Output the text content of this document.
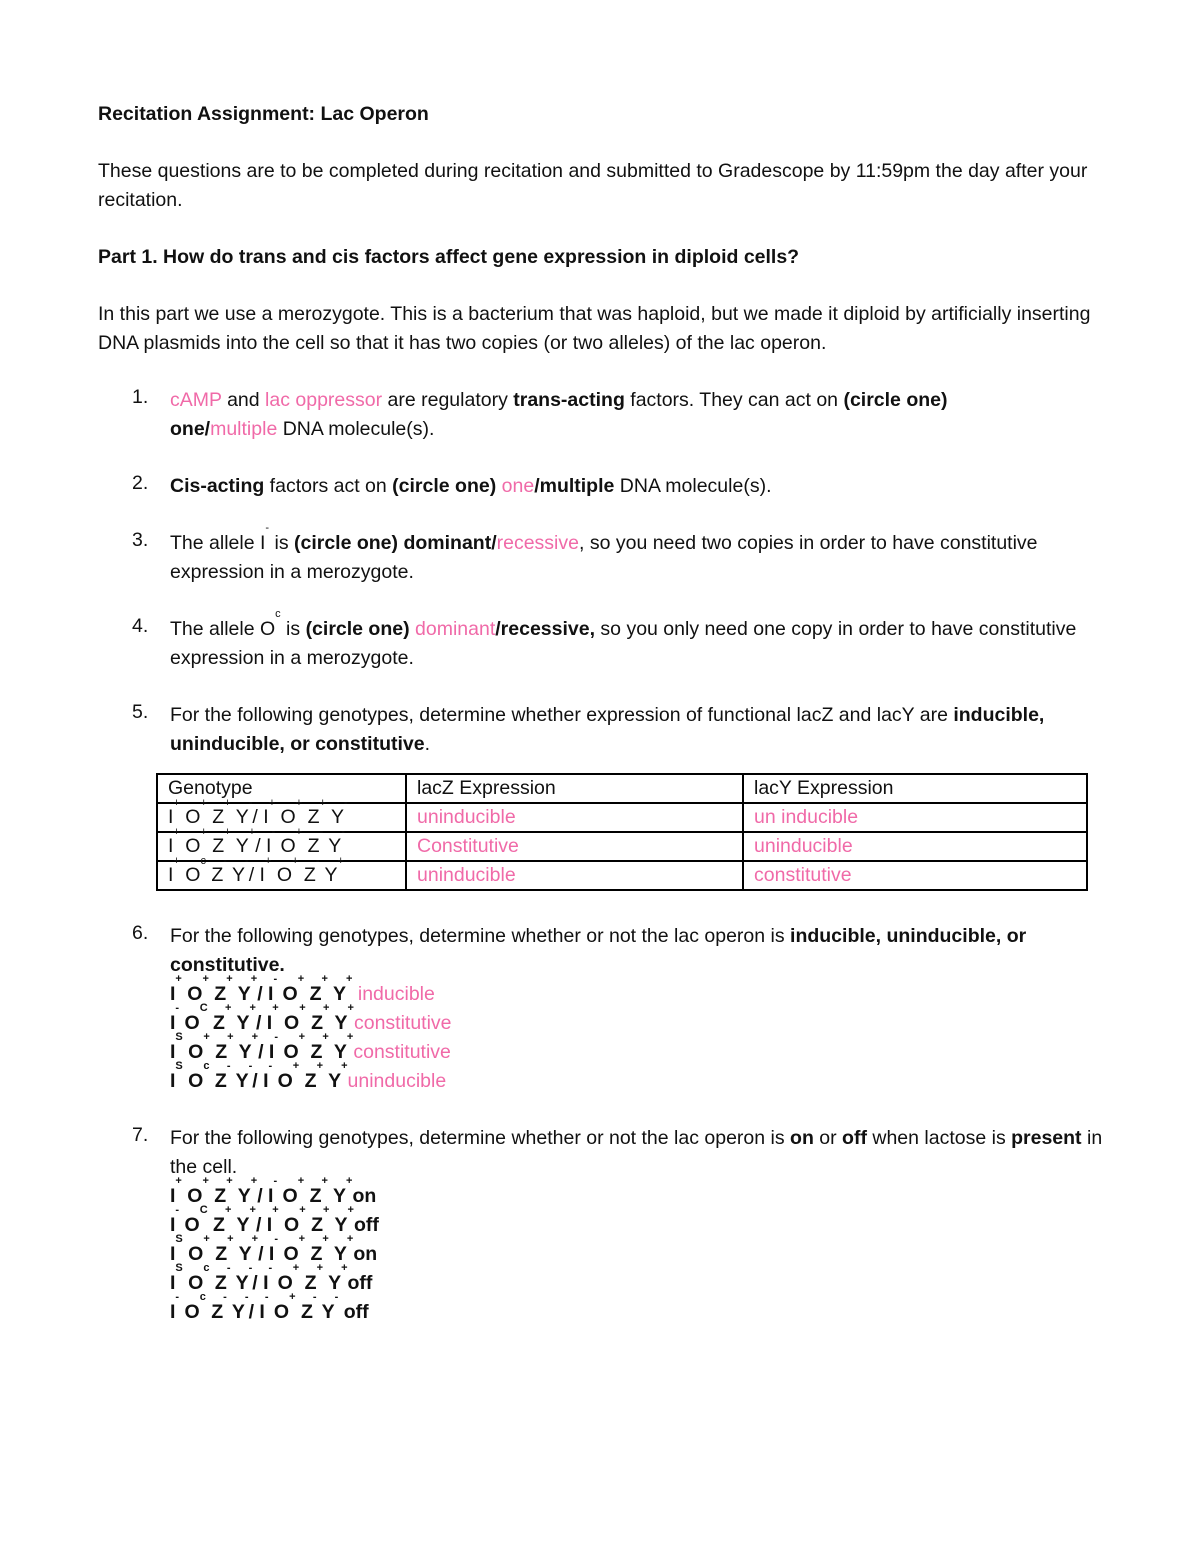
Recitation Assignment: Lac Operon

These questions are to be completed during recitation and submitted to Gradescope by 11:59pm the day after your recitation.

Part 1. How do trans and cis factors affect gene expression in diploid cells?

In this part we use a merozygote. This is a bacterium that was haploid, but we made it diploid by artificially inserting DNA plasmids into the cell so that it has two copies (or two alleles) of the lac operon.

1.	cAMP and lac oppressor are regulatory trans-acting factors. They can act on (circle one)
one/multiple DNA molecule(s).

2.	Cis-acting factors act on (circle one) one/multiple DNA molecule(s).

3.	The allele I- is (circle one) dominant/recessive, so you need two copies in order to have constitutive expression in a merozygote.

4.	The allele $O^c$ is (circle one) dominant/recessive, so you only need one copy in order to have constitutive expression in a merozygote.

5.	For the following genotypes, determine whether expression of functional lacZ and lacY are inducible, uninducible, or constitutive.

Genotype	lacZ Expression	lacY Expression
I+ O+ Z+ Y-/ I+ O+ Z+ Y-	uninducible	un inducible
I+ O+ Z+ Y+/ I- O+ Z- Y-	Constitutive	uninducible
I+ $O^c$ Z- Y-/ I+ O+ Z- Y+	uninducible	constitutive
6.	For the following genotypes, determine whether or not the lac operon is inducible, uninducible, or constitutive.

I+ O+ Z+ Y+/ I- O+ Z+ Y+ inducible

I- $O^C$ Z+ Y+/ I+ O+ Z+ Y+constitutive

$I^S$ O+ Z+ Y+/ I- O+ Z+ Y+constitutive

$I^S$ $O^c$ Z- Y-/ I- O+ Z+ Y+uninducible

7.	For the following genotypes, determine whether or not the lac operon is on or off when lactose is present in the cell.

I+ O+ Z+ Y+/ I- O+ Z+ Y+on

I- $O^C$ Z+ Y+/ I+ O+ Z+ Y+off

$I^S$ O+ Z+ Y+/ I- O+ Z+ Y+on

$I^S$ $O^c$ Z- Y-/ I- O+ Z+ Y+off

I- $O^c$ Z- Y-/ I- O+ Z- Y- off
